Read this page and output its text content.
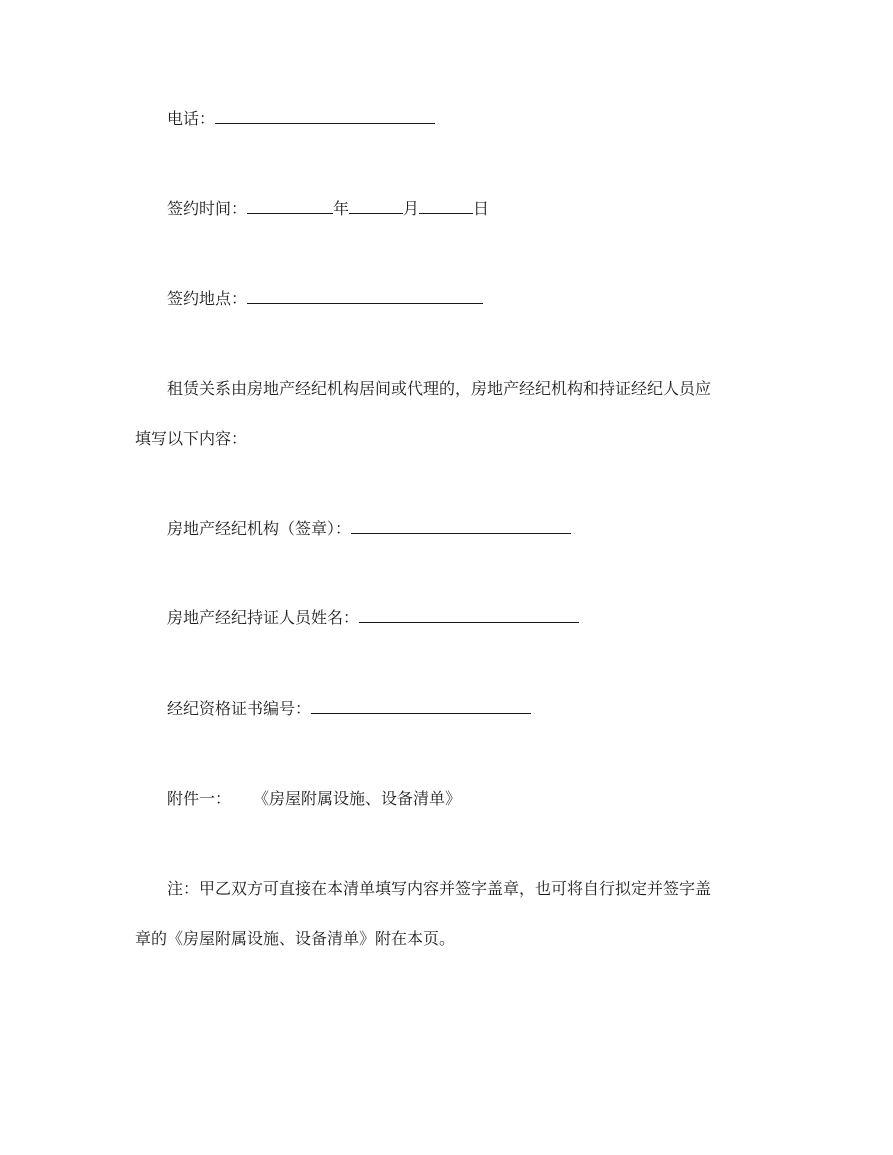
电话：
签约时间：	年	月	日
签约地点：
租赁关系由房地产经纪机构居间或代理的，房地产经纪机构和持证经纪人员应
填写以下内容：
房地产经纪机构（签章）：
房地产经纪持证人员姓名：
经纪资格证书编号：
附件一： 《房屋附属设施、设备清单》
注：甲乙双方可直接在本清单填写内容并签字盖章，也可将自行拟定并签字盖
章的《房屋附属设施、设备清单》附在本页。
